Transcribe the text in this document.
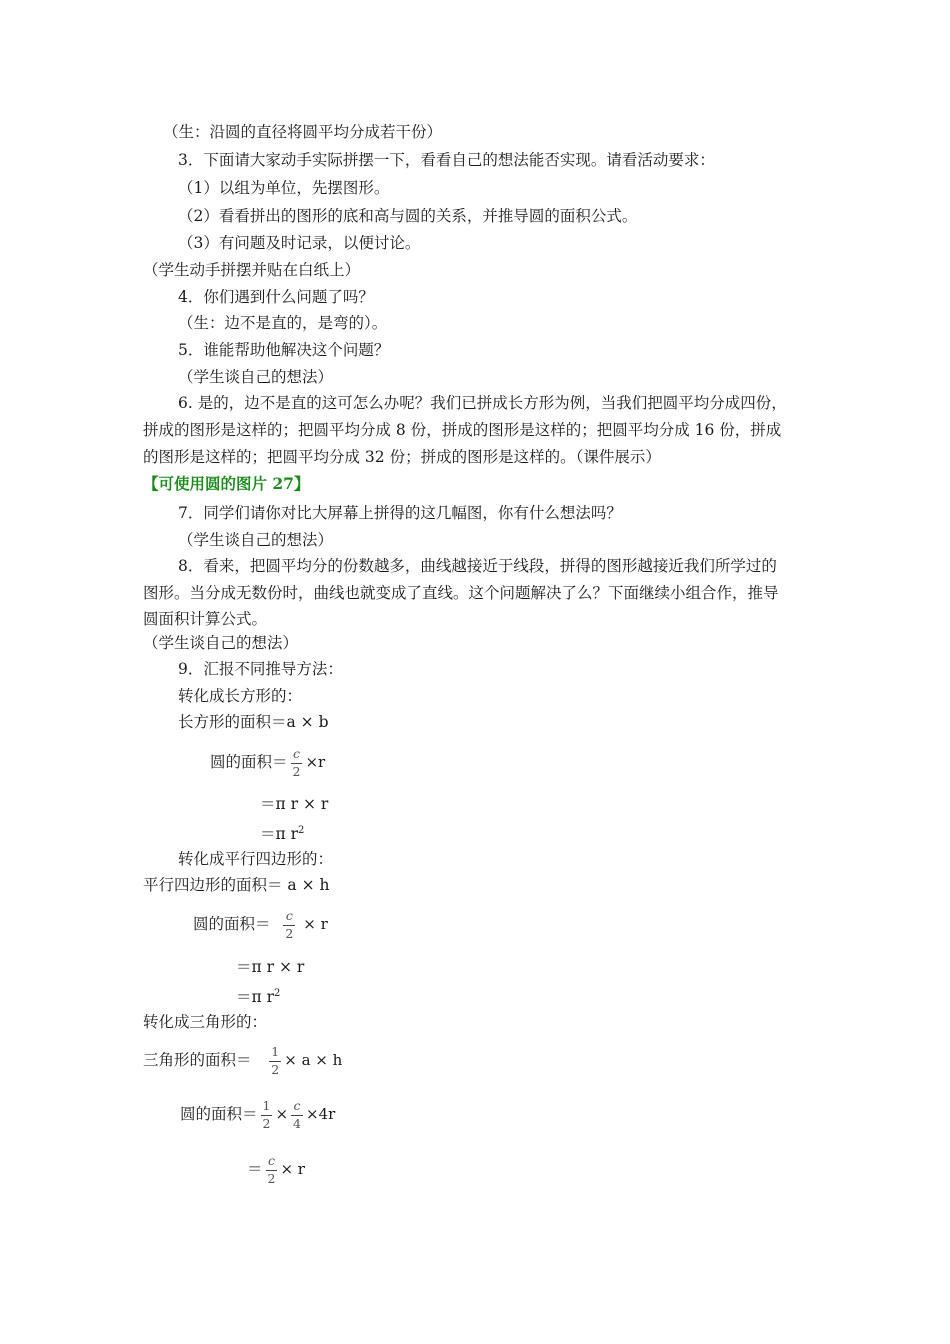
（生：沿圆的直径将圆平均分成若干份）
3．下面请大家动手实际拼摆一下，看看自己的想法能否实现。请看活动要求：
（1）以组为单位，先摆图形。
（2）看看拼出的图形的底和高与圆的关系，并推导圆的面积公式。
（3）有问题及时记录，以便讨论。
（学生动手拼摆并贴在白纸上）
4．你们遇到什么问题了吗？
（生：边不是直的，是弯的）。
5．谁能帮助他解决这个问题？
（学生谈自己的想法）
6. 是的，边不是直的这可怎么办呢？我们已拼成长方形为例，当我们把圆平均分成四份，
拼成的图形是这样的；把圆平均分成 8 份，拼成的图形是这样的；把圆平均分成 16 份，拼成
的图形是这样的；把圆平均分成 32 份；拼成的图形是这样的。（课件展示）
【可使用圆的图片 27】
7．同学们请你对比大屏幕上拼得的这几幅图，你有什么想法吗？
（学生谈自己的想法）
8．看来，把圆平均分的份数越多，曲线越接近于线段，拼得的图形越接近我们所学过的
图形。当分成无数份时，曲线也就变成了直线。这个问题解决了么？下面继续小组合作，推导
圆面积计算公式。
（学生谈自己的想法）
9．汇报不同推导方法：
转化成长方形的：
长方形的面积＝a × b
圆的面积＝ $\frac{c}{2} \times r$
＝π r × r
＝π $r^2$
转化成平行四边形的：
平行四边形的面积＝ a × h
圆的面积＝ $\frac{c}{2} \times r$
＝π r × r
＝π $r^2$
转化成三角形的：
三角形的面积＝ $\frac{1}{2} \times a \times h$
圆的面积＝ $\frac{1}{2} \times \frac{c}{4} \times 4r$
＝ $\frac{c}{2} \times r$
